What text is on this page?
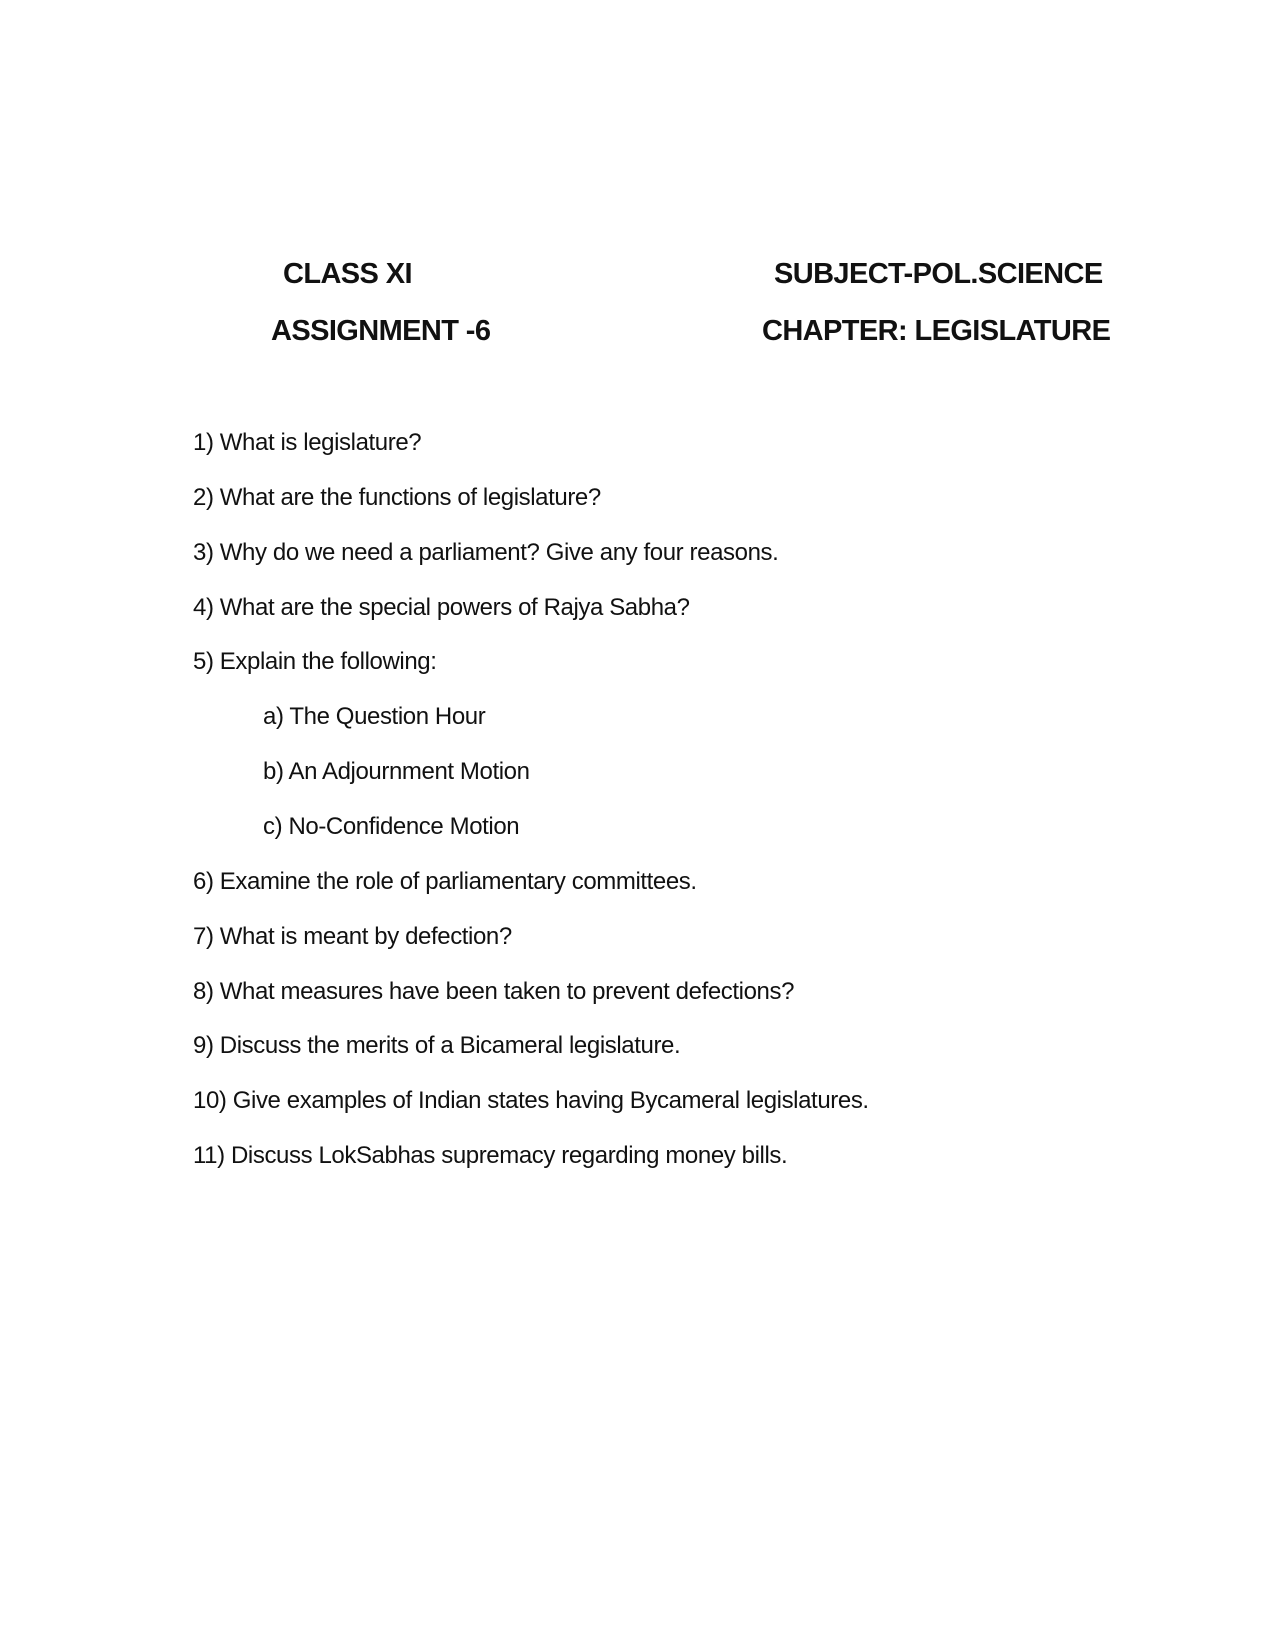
CLASS XI	SUBJECT-POL.SCIENCE
ASSIGNMENT -6	CHAPTER: LEGISLATURE
1) What is legislature?
2) What are the functions of legislature?
3) Why do we need a parliament? Give any four reasons.
4) What are the special powers of Rajya Sabha?
5) Explain the following:
a) The Question Hour
b) An Adjournment Motion
c) No-Confidence Motion
6) Examine the role of parliamentary committees.
7) What is meant by defection?
8) What measures have been taken to prevent defections?
9) Discuss the merits of a Bicameral legislature.
10) Give examples of Indian states having Bycameral legislatures.
11) Discuss LokSabhas supremacy regarding money bills.
